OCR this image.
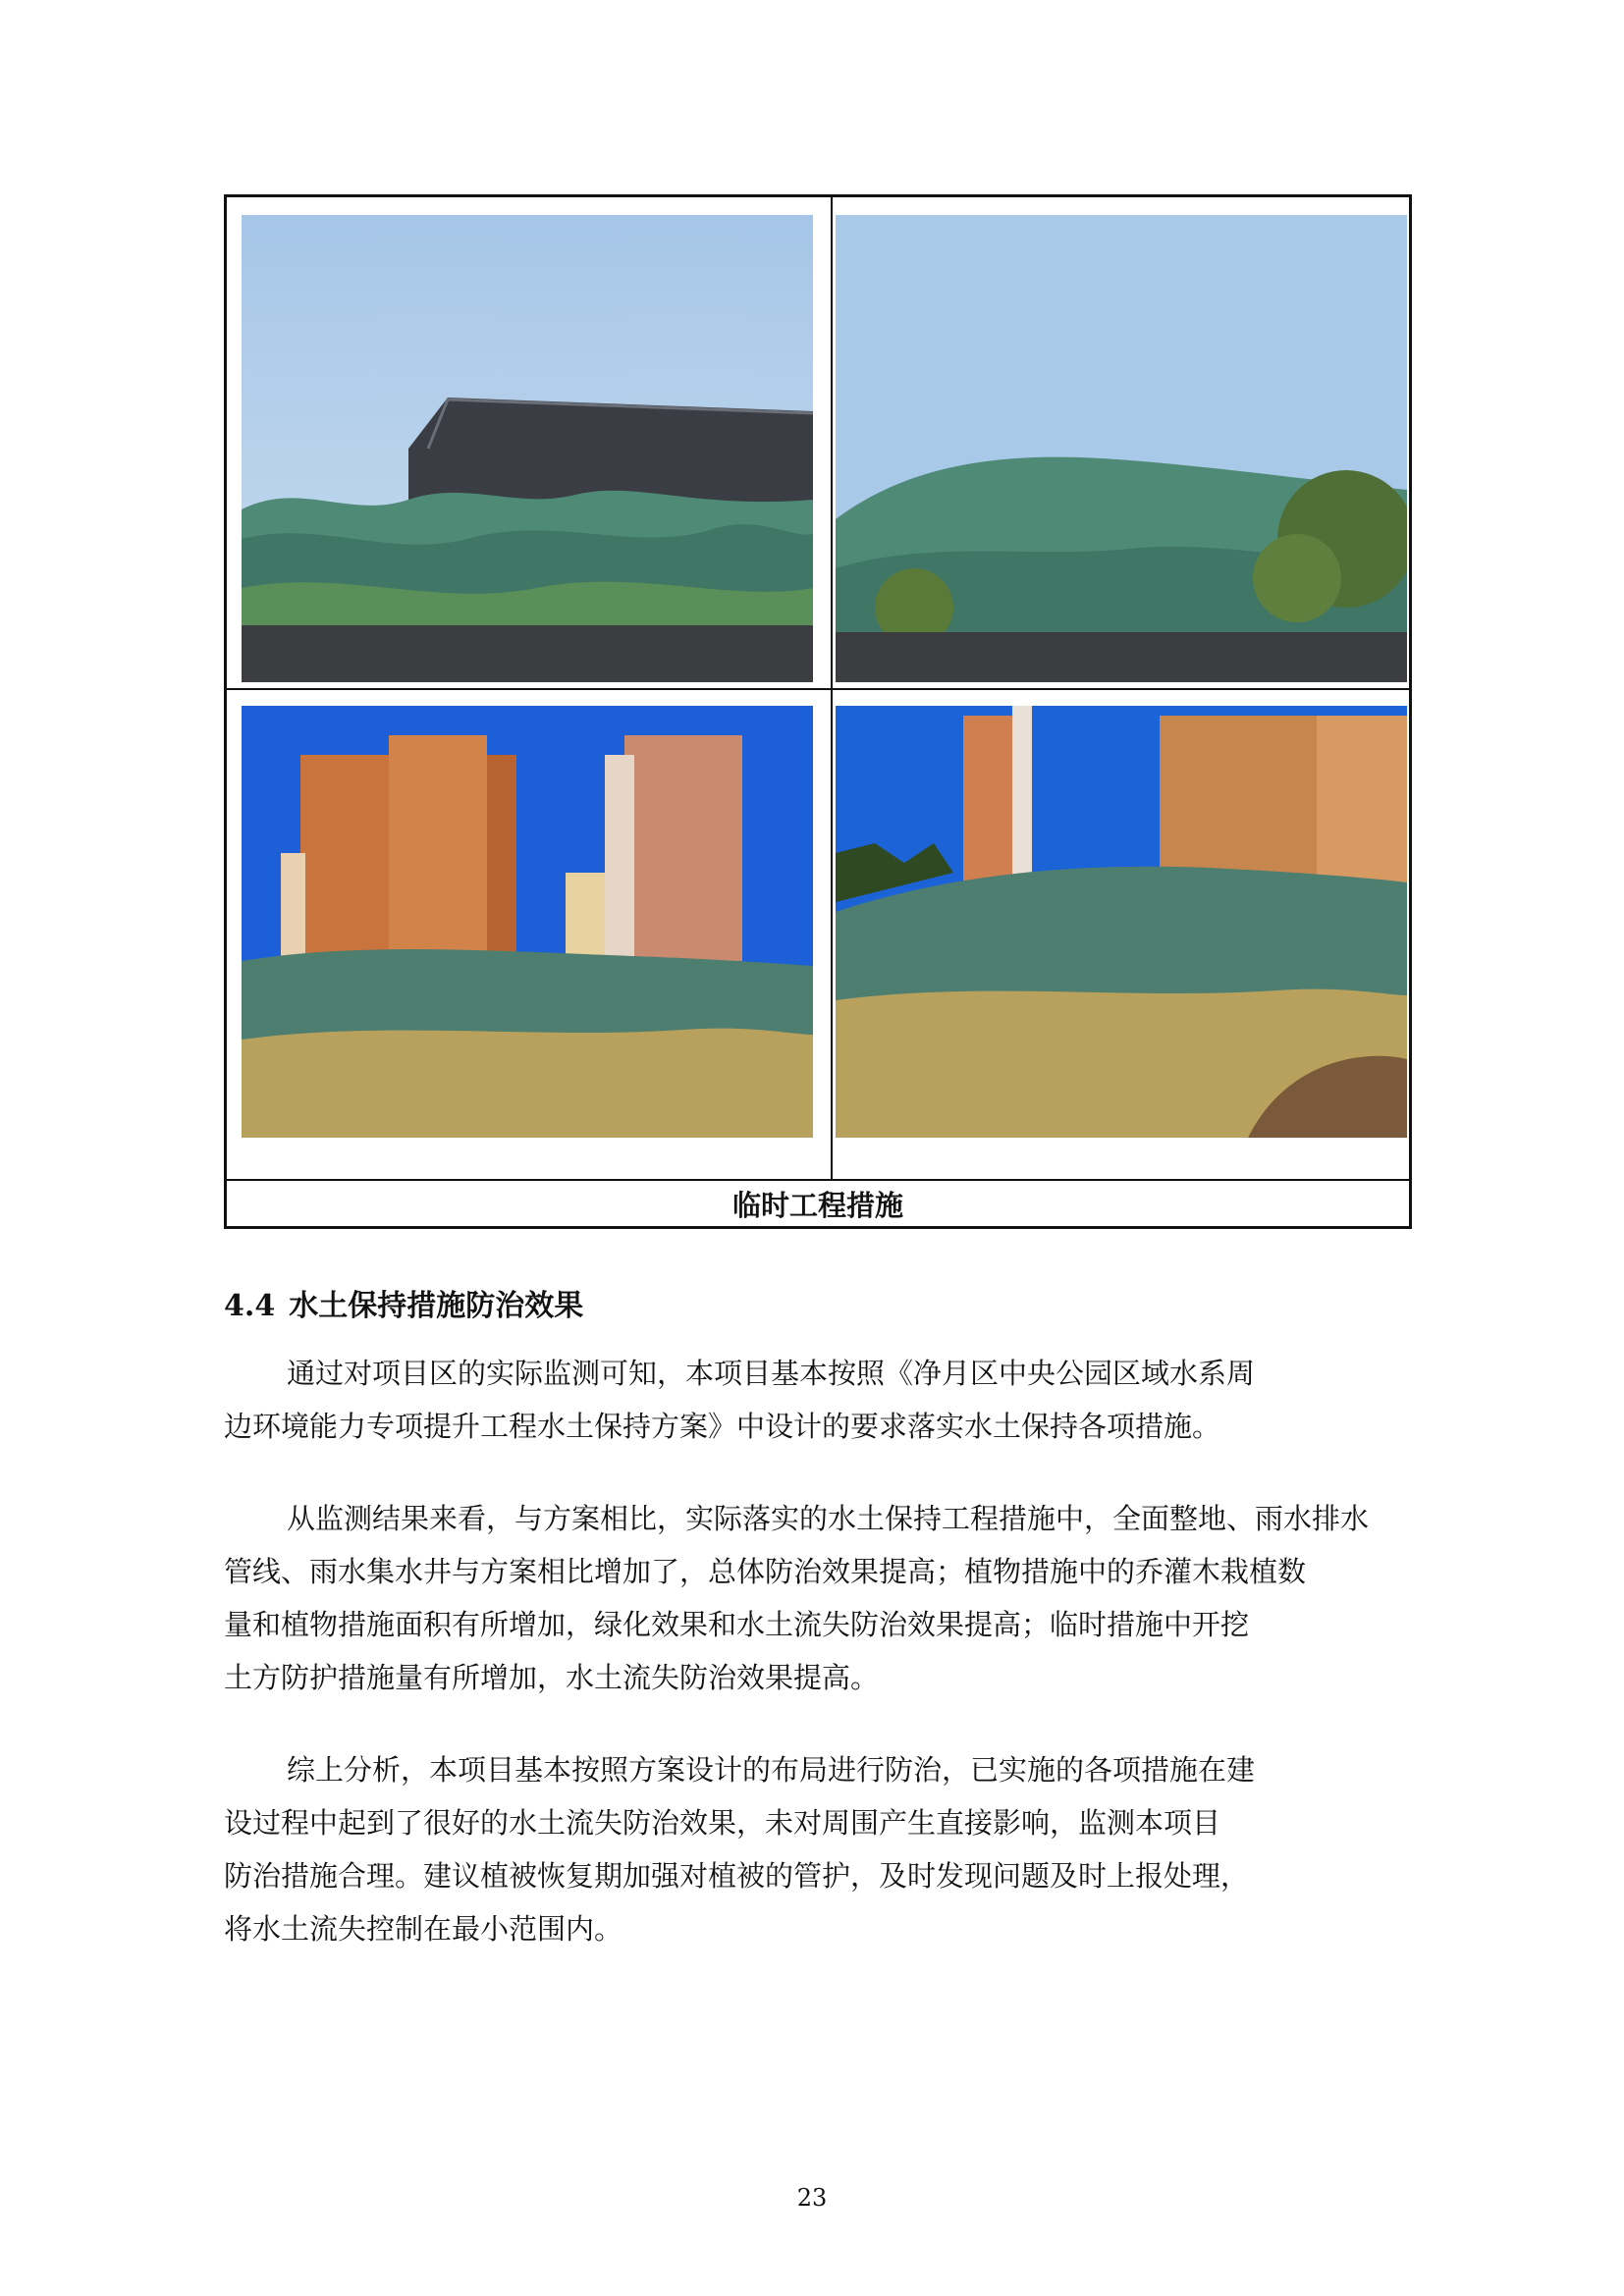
临时工程措施
4.4 水土保持措施防治效果
通过对项目区的实际监测可知，本项目基本按照《净月区中央公园区域水系周
边环境能力专项提升工程水土保持方案》中设计的要求落实水土保持各项措施。
从监测结果来看，与方案相比，实际落实的水土保持工程措施中，全面整地、雨水排水
管线、雨水集水井与方案相比增加了，总体防治效果提高；植物措施中的乔灌木栽植数
量和植物措施面积有所增加，绿化效果和水土流失防治效果提高；临时措施中开挖
土方防护措施量有所增加，水土流失防治效果提高。
综上分析，本项目基本按照方案设计的布局进行防治，已实施的各项措施在建
设过程中起到了很好的水土流失防治效果，未对周围产生直接影响，监测本项目
防治措施合理。建议植被恢复期加强对植被的管护，及时发现问题及时上报处理，
将水土流失控制在最小范围内。
23
